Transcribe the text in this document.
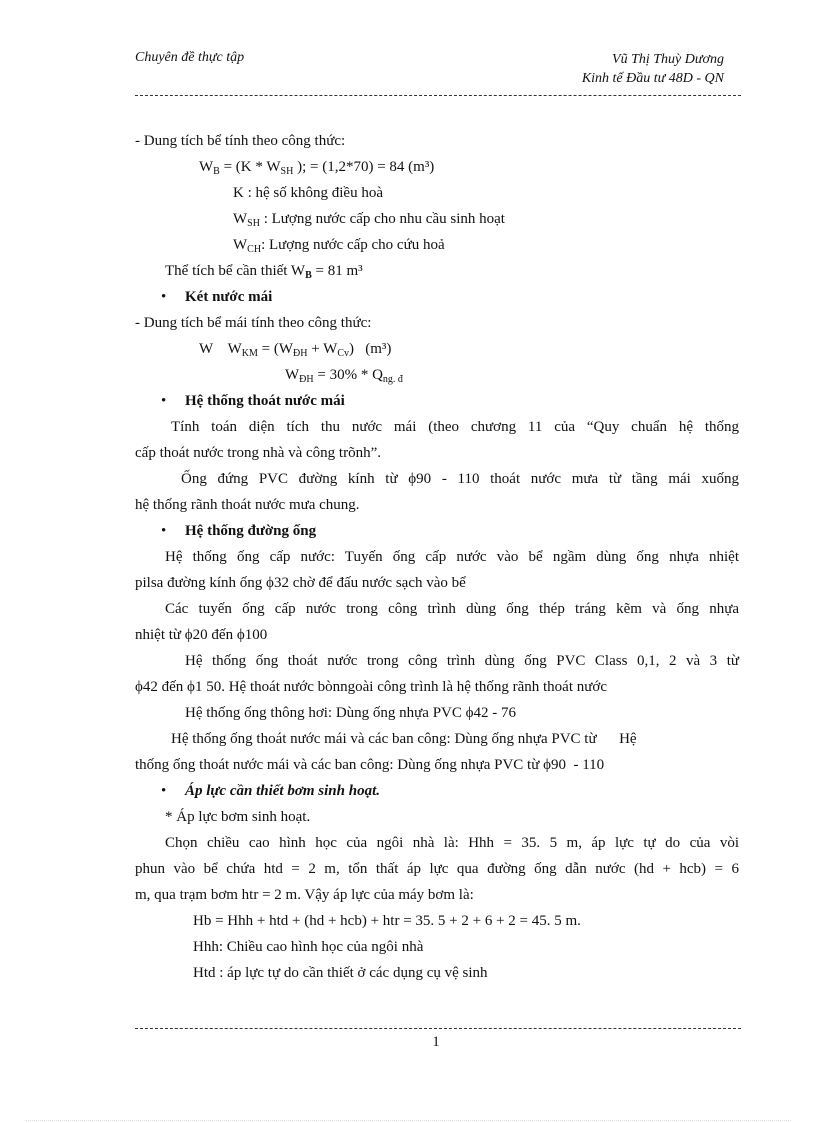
Chuyên đề thực tập	Vũ Thị Thuỳ Dương
Kinh tế Đầu tư 48D - QN
- Dung tích bể tính theo công thức:
$W_B = (K * W_{SH}$ ); = (1,2*70) = 84 (m³)
K : hệ số không điều hoà
$W_{SH}$ : Lượng nước cấp cho nhu cầu sinh hoạt
$W_{CH}$: Lượng nước cấp cho cứu hoả
Thể tích bể cần thiết $W_B = 81$ m³
• Két nước mái
- Dung tích bể mái tính theo công thức:
W    $W_{KM} = (W_{ĐH} + W_{Cv})$   (m³)
$W_{ĐH} = 30\% * Q_{ng. đ}$
• Hệ thống thoát nước mái
Tính toán diện tích thu nước mái (theo chương 11 của “Quy chuẩn hệ thống
cấp thoát nước trong nhà và công trõnh”.
Ống đứng PVC đường kính từ ϕ90 - 110 thoát nước mưa từ tầng mái xuống
hệ thống rãnh thoát nước mưa chung.
• Hệ thống đường ống
Hệ thống ống cấp nước: Tuyến ống cấp nước vào bể ngầm dùng ống nhựa nhiệt
pilsa đường kính ống ϕ32 chờ để đấu nước sạch vào bể
Các tuyến ống cấp nước trong công trình dùng ống thép tráng kẽm và ống nhựa
nhiệt từ ϕ20 đến ϕ100
Hệ thống ống thoát nước trong công trình dùng ống PVC Class 0,1, 2 và 3 từ
ϕ42 đến ϕ1 50. Hệ thoát nước bònngoài công trình là hệ thống rãnh thoát nước
Hệ thống ống thông hơi: Dùng ống nhựa PVC ϕ42 - 76
Hệ thống ống thoát nước mái và các ban công: Dùng ống nhựa PVC từ      Hệ
thống ống thoát nước mái và các ban công: Dùng ống nhựa PVC từ ϕ90  - 110
• Áp lực cần thiết bơm sinh hoạt.
* Áp lực bơm sinh hoạt.
Chọn chiều cao hình học của ngôi nhà là: Hhh = 35. 5 m, áp lực tự do của vòi
phun vào bể chứa htd = 2 m, tổn thất áp lực qua đường ống dẫn nước (hd + hcb) = 6
m, qua trạm bơm htr = 2 m. Vậy áp lực của máy bơm là:
Hb = Hhh + htd + (hd + hcb) + htr = 35. 5 + 2 + 6 + 2 = 45. 5 m.
Hhh: Chiều cao hình học của ngôi nhà
Htd : áp lực tự do cần thiết ở các dụng cụ vệ sinh
1
